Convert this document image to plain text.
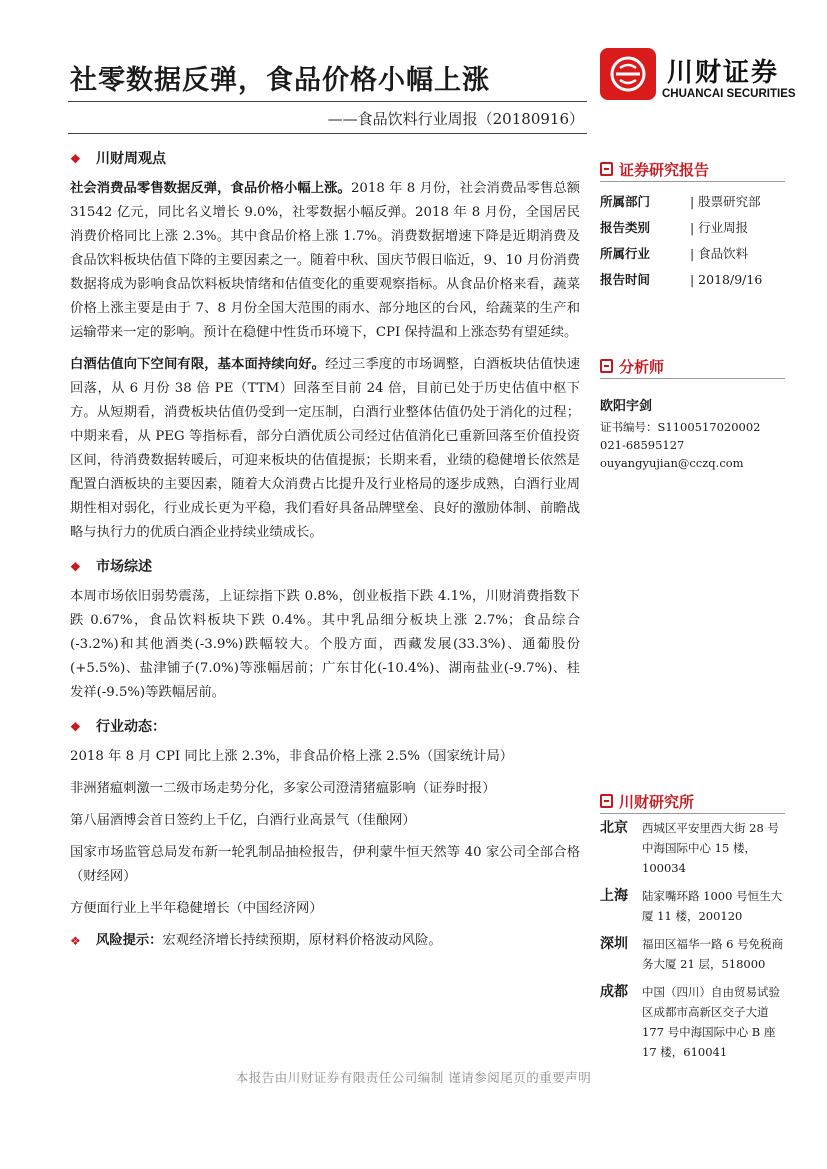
社零数据反弹，食品价格小幅上涨
——食品饮料行业周报（20180916）
川财证券
CHUANCAI SECURITIES
❖	川财周观点
社会消费品零售数据反弹，食品价格小幅上涨。2018 年 8 月份，社会消费品零售总额 31542 亿元，同比名义增长 9.0%，社零数据小幅反弹。2018 年 8 月份，全国居民消费价格同比上涨 2.3%。其中食品价格上涨 1.7%。消费数据增速下降是近期消费及食品饮料板块估值下降的主要因素之一。随着中秋、国庆节假日临近，9、10 月份消费数据将成为影响食品饮料板块情绪和估值变化的重要观察指标。从食品价格来看，蔬菜价格上涨主要是由于 7、8 月份全国大范围的雨水、部分地区的台风，给蔬菜的生产和运输带来一定的影响。预计在稳健中性货币环境下，CPI 保持温和上涨态势有望延续。
白酒估值向下空间有限，基本面持续向好。经过三季度的市场调整，白酒板块估值快速回落，从 6 月份 38 倍 PE（TTM）回落至目前 24 倍，目前已处于历史估值中枢下方。从短期看，消费板块估值仍受到一定压制，白酒行业整体估值仍处于消化的过程；中期来看，从 PEG 等指标看，部分白酒优质公司经过估值消化已重新回落至价值投资区间，待消费数据转暖后，可迎来板块的估值提振；长期来看，业绩的稳健增长依然是配置白酒板块的主要因素，随着大众消费占比提升及行业格局的逐步成熟，白酒行业周期性相对弱化，行业成长更为平稳，我们看好具备品牌壁垒、良好的激励体制、前瞻战略与执行力的优质白酒企业持续业绩成长。
❖	市场综述
本周市场依旧弱势震荡，上证综指下跌 0.8%，创业板指下跌 4.1%，川财消费指数下跌 0.67%，食品饮料板块下跌 0.4%。其中乳品细分板块上涨 2.7%；食品综合(-3.2%)和其他酒类(-3.9%)跌幅较大。个股方面，西藏发展(33.3%)、通葡股份(+5.5%)、盐津铺子(7.0%)等涨幅居前；广东甘化(-10.4%)、湖南盐业(-9.7%)、桂发祥(-9.5%)等跌幅居前。
❖	行业动态：
2018 年 8 月 CPI 同比上涨 2.3%，非食品价格上涨 2.5%（国家统计局）
非洲猪瘟刺激一二级市场走势分化，多家公司澄清猪瘟影响（证券时报）
第八届酒博会首日签约上千亿，白酒行业高景气（佳酿网）
国家市场监管总局发布新一轮乳制品抽检报告，伊利蒙牛恒天然等 40 家公司全部合格（财经网）
方便面行业上半年稳健增长（中国经济网）
❖	风险提示：宏观经济增长持续预期，原材料价格波动风险。
证券研究报告
所属部门	| 股票研究部
报告类别	| 行业周报
所属行业	| 食品饮料
报告时间	| 2018/9/16
分析师
欧阳宇剑
证书编号：S1100517020002
021-68595127
ouyangyujian@cczq.com
川财研究所
北京	西城区平安里西大街 28 号中海国际中心 15 楼，100034
上海	陆家嘴环路 1000 号恒生大厦 11 楼，200120
深圳	福田区福华一路 6 号免税商务大厦 21 层，518000
成都	中国（四川）自由贸易试验区成都市高新区交子大道 177 号中海国际中心 B 座 17 楼，610041
本报告由川财证券有限责任公司编制 谨请参阅尾页的重要声明
